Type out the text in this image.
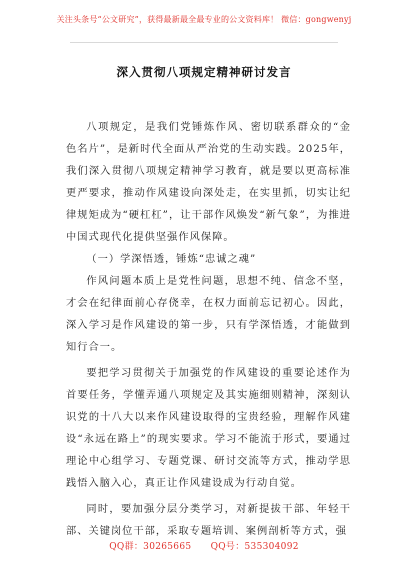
关注头条号“公文研究”，获得最新最全最专业的公文资料库！ 微信：gongwenyj
深入贯彻八项规定精神研讨发言

八项规定，是我们党锤炼作风、密切联系群众的“金色名片”，是新时代全面从严治党的生动实践。2025年，我们深入贯彻八项规定精神学习教育，就是要以更高标准更严要求，推动作风建设向深处走，在实里抓，切实让纪律规矩成为“硬杠杠”，让干部作风焕发“新气象”，为推进中国式现代化提供坚强作风保障。

（一）学深悟透，锤炼“忠诚之魂”

作风问题本质上是党性问题，思想不纯、信念不坚，才会在纪律面前心存侥幸，在权力面前忘记初心。因此，深入学习是作风建设的第一步，只有学深悟透，才能做到知行合一。

要把学习贯彻关于加强党的作风建设的重要论述作为首要任务，学懂弄通八项规定及其实施细则精神，深刻认识党的十八大以来作风建设取得的宝贵经验，理解作风建设“永远在路上”的现实要求。学习不能流于形式，要通过理论中心组学习、专题党课、研讨交流等方式，推动学思践悟入脑入心，真正让作风建设成为行动自觉。

同时，要加强分层分类学习，对新提拔干部、年轻干部、关键岗位干部，采取专题培训、案例剖析等方式，强

QQ群：30265665 QQ号：535304092
